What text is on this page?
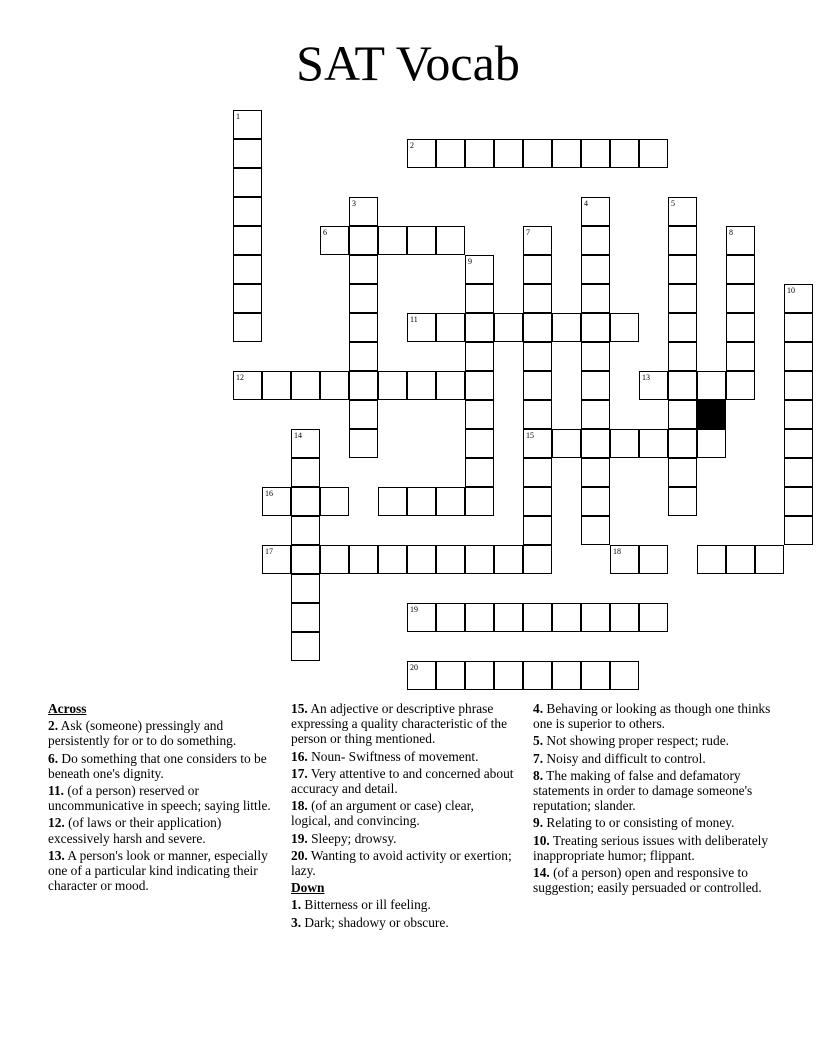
SAT Vocab
1
2
3	4	5
6	7
15
8
9
10
11
12	13
14
16
17	18
19
20
Across
2. Ask (someone) pressingly and persistently for or to do something.
6. Do something that one considers to be beneath one's dignity.
11. (of a person) reserved or uncommunicative in speech; saying little.
12. (of laws or their application) excessively harsh and severe.
13. A person's look or manner, especially one of a particular kind indicating their character or mood.
15. An adjective or descriptive phrase expressing a quality characteristic of the person or thing mentioned.
16. Noun- Swiftness of movement.
17. Very attentive to and concerned about accuracy and detail.
18. (of an argument or case) clear, logical, and convincing.
19. Sleepy; drowsy.
20. Wanting to avoid activity or exertion; lazy.
Down
1. Bitterness or ill feeling.
3. Dark; shadowy or obscure.
4. Behaving or looking as though one thinks one is superior to others.
5. Not showing proper respect; rude.
7. Noisy and difficult to control.
8. The making of false and defamatory statements in order to damage someone's reputation; slander.
9. Relating to or consisting of money.
10. Treating serious issues with deliberately inappropriate humor; flippant.
14. (of a person) open and responsive to suggestion; easily persuaded or controlled.
